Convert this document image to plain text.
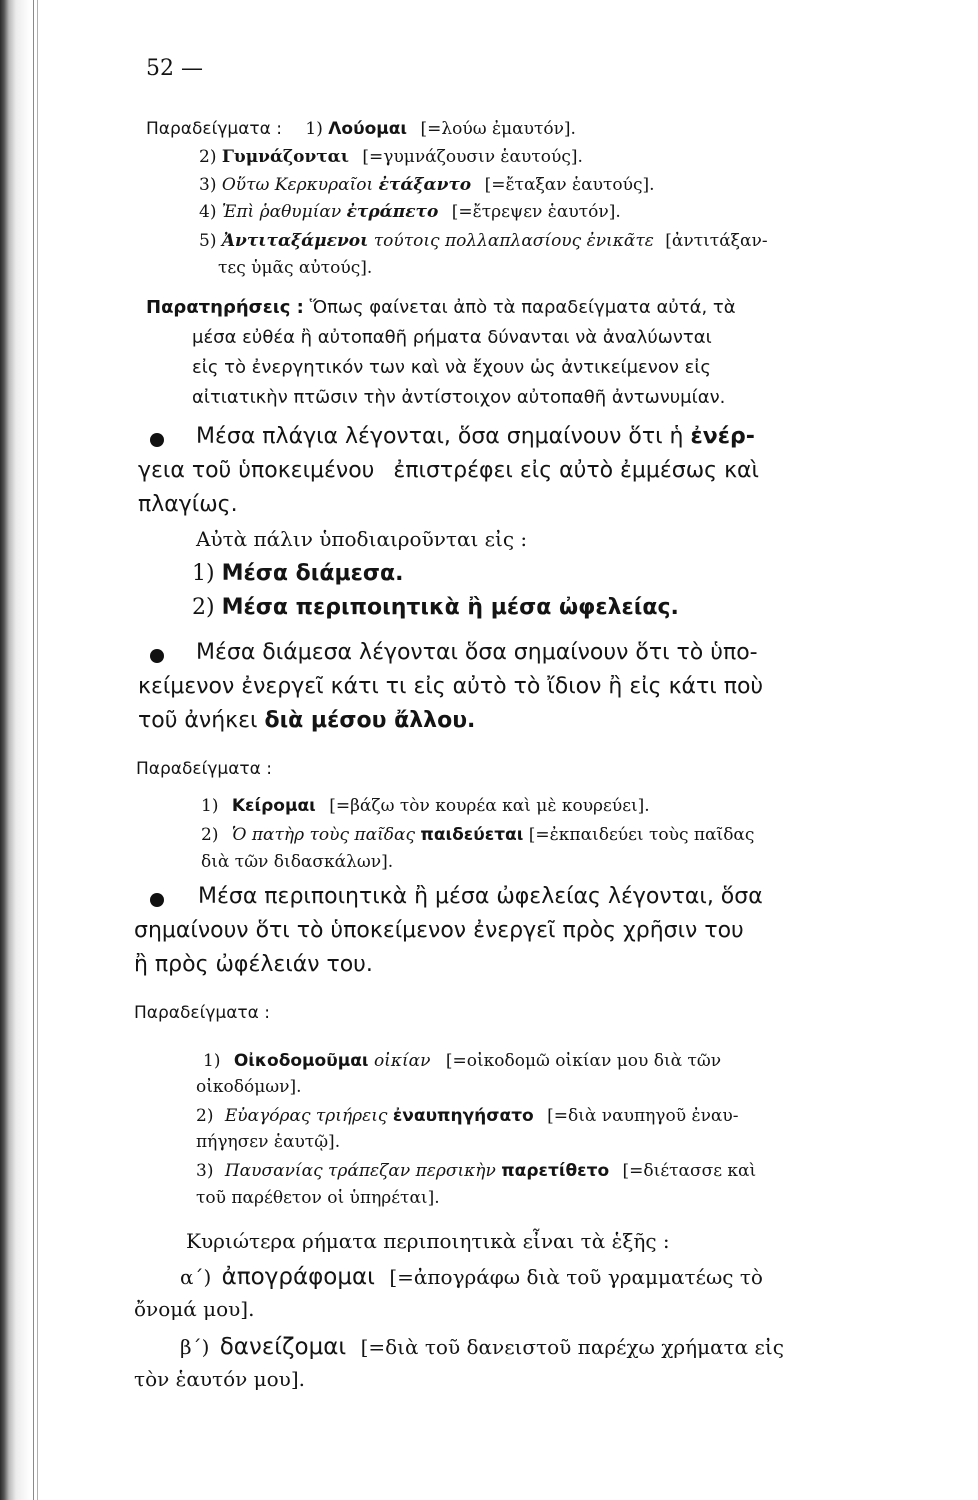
52 —
Παραδείγματα : 1) Λούομαι [=λούω ἐμαυτόν].
2) Γυμνάζονται [=γυμνάζουσιν ἑαυτούς].
3) Οὕτω Κερκυραῖοι ἐτάξαντο [=ἔταξαν ἑαυτούς].
4) Ἐπὶ ῥαθυμίαν ἐτράπετο [=ἔτρεψεν ἑαυτόν].
5) Ἀντιταξάμενοι τούτοις πολλαπλασίους ἐνικᾶτε [ἀντιτάξαν-
τες ὑμᾶς αὐτούς].
Παρατηρήσεις : Ὅπως φαίνεται ἀπὸ τὰ παραδείγματα αὐτά, τὰ
μέσα εὐθέα ἢ αὐτοπαθῆ ρήματα δύνανται νὰ ἀναλύωνται
εἰς τὸ ἐνεργητικόν των καὶ νὰ ἔχουν ὡς ἀντικείμενον εἰς
αἰτιατικὴν πτῶσιν τὴν ἀντίστοιχον αὐτοπαθῆ ἀντωνυμίαν.
Μέσα πλάγια λέγονται, ὅσα σημαίνουν ὅτι ἡ ἐνέρ-
γεια τοῦ ὑποκειμένου ἐπιστρέφει εἰς αὐτὸ ἐμμέσως καὶ
πλαγίως.
Αὐτὰ πάλιν ὑποδιαιροῦνται εἰς :
1) Μέσα διάμεσα.
2) Μέσα περιποιητικὰ ἢ μέσα ὠφελείας.
Μέσα διάμεσα λέγονται ὅσα σημαίνουν ὅτι τὸ ὑπο-
κείμενον ἐνεργεῖ κάτι τι εἰς αὐτὸ τὸ ἴδιον ἢ εἰς κάτι ποὺ
τοῦ ἀνήκει διὰ μέσου ἄλλου.
Παραδείγματα :
1) Κείρομαι [=βάζω τὸν κουρέα καὶ μὲ κουρεύει].
2) Ὁ πατὴρ τοὺς παῖδας παιδεύεται [=ἐκπαιδεύει τοὺς παῖδας
διὰ τῶν διδασκάλων].
Μέσα περιποιητικὰ ἢ μέσα ὠφελείας λέγονται, ὅσα
σημαίνουν ὅτι τὸ ὑποκείμενον ἐνεργεῖ πρὸς χρῆσιν του
ἢ πρὸς ὠφέλειάν του.
Παραδείγματα :
1) Οἰκοδομοῦμαι οἰκίαν [=οἰκοδομῶ οἰκίαν μου διὰ τῶν
οἰκοδόμων].
2) Εὐαγόρας τριήρεις ἐναυπηγήσατο [=διὰ ναυπηγοῦ ἐναυ-
πήγησεν ἑαυτῷ].
3) Παυσανίας τράπεζαν περσικὴν παρετίθετο [=διέτασσε καὶ
τοῦ παρέθετον οἱ ὑπηρέται].
Κυριώτερα ρήματα περιποιητικὰ εἶναι τὰ ἑξῆς :
α΄) ἀπογράφομαι [=ἀπογράφω διὰ τοῦ γραμματέως τὸ
ὄνομά μου].
β΄) δανείζομαι [=διὰ τοῦ δανειστοῦ παρέχω χρήματα εἰς
τὸν ἑαυτόν μου].
